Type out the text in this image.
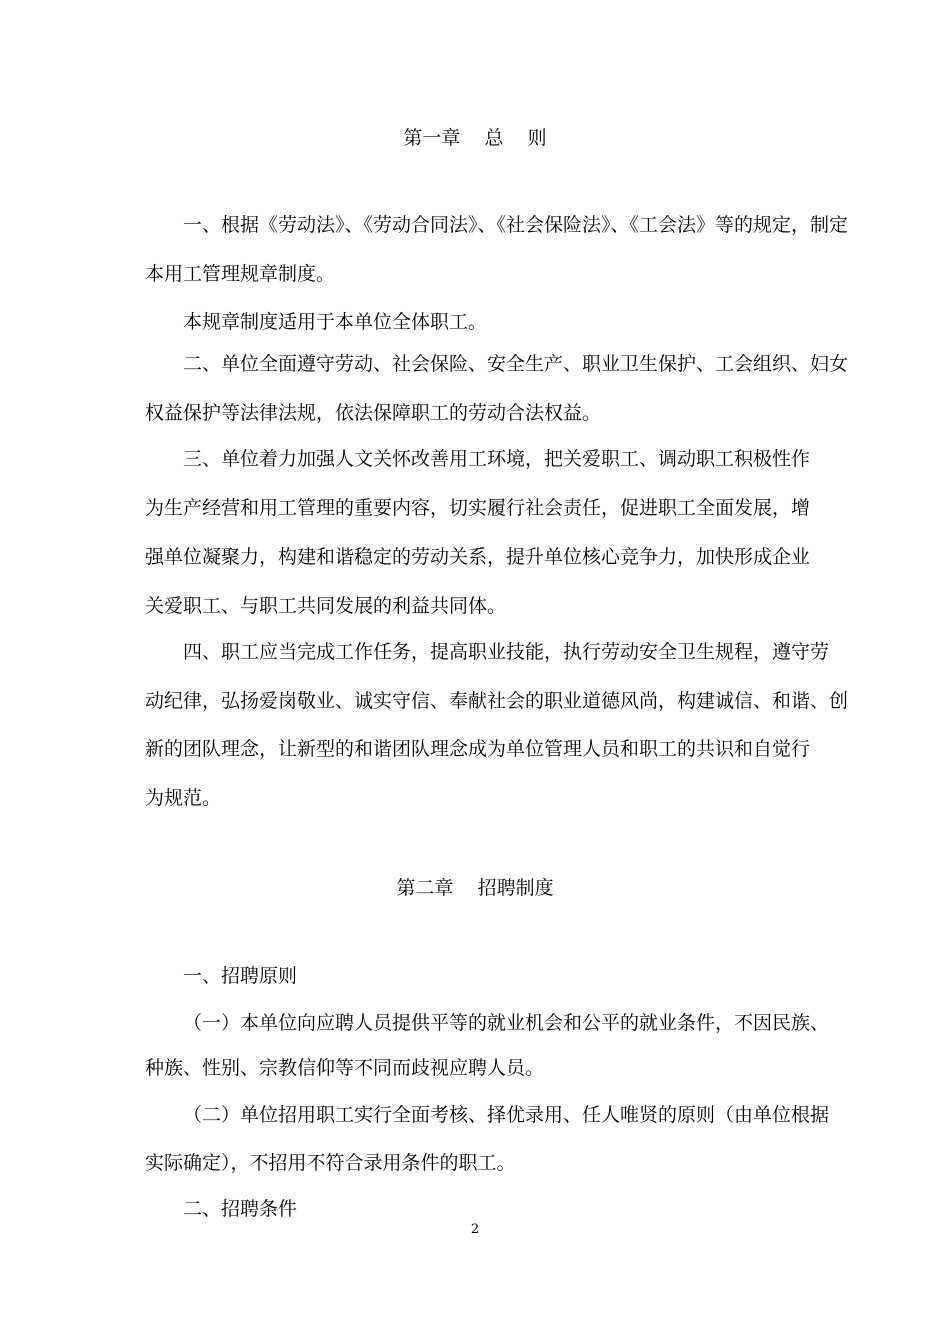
第一章    总    则
一、根据《劳动法》、《劳动合同法》、《社会保险法》、《工会法》等的规定，制定
本用工管理规章制度。
本规章制度适用于本单位全体职工。
二、单位全面遵守劳动、社会保险、安全生产、职业卫生保护、工会组织、妇女
权益保护等法律法规，依法保障职工的劳动合法权益。
三、单位着力加强人文关怀改善用工环境，把关爱职工、调动职工积极性作
为生产经营和用工管理的重要内容，切实履行社会责任，促进职工全面发展，增
强单位凝聚力，构建和谐稳定的劳动关系，提升单位核心竞争力，加快形成企业
关爱职工、与职工共同发展的利益共同体。
四、职工应当完成工作任务，提高职业技能，执行劳动安全卫生规程，遵守劳
动纪律，弘扬爱岗敬业、诚实守信、奉献社会的职业道德风尚，构建诚信、和谐、创
新的团队理念，让新型的和谐团队理念成为单位管理人员和职工的共识和自觉行
为规范。
第二章    招聘制度
一、招聘原则
（一）本单位向应聘人员提供平等的就业机会和公平的就业条件，不因民族、
种族、性别、宗教信仰等不同而歧视应聘人员。
（二）单位招用职工实行全面考核、择优录用、任人唯贤的原则（由单位根据
实际确定），不招用不符合录用条件的职工。
二、招聘条件
2
